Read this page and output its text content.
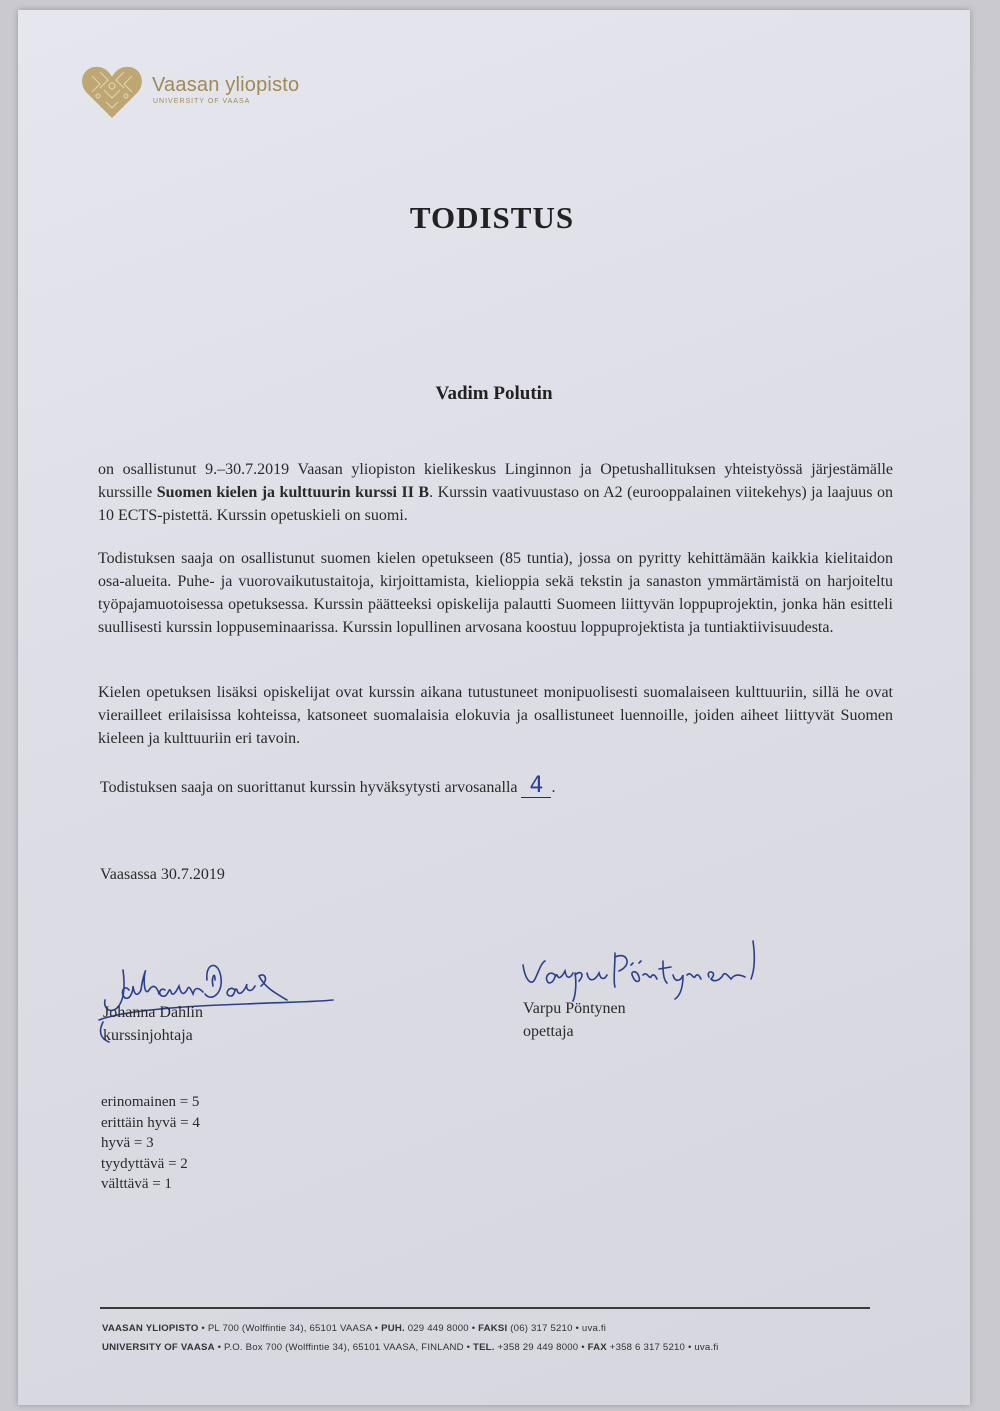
Vaasan yliopisto
UNIVERSITY OF VAASA
TODISTUS
Vadim Polutin
on osallistunut 9.–30.7.2019 Vaasan yliopiston kielikeskus Linginnon ja Opetushallituksen yhteistyössä järjestämälle kurssille Suomen kielen ja kulttuurin kurssi II B. Kurssin vaativuustaso on A2 (eurooppalainen viitekehys) ja laajuus on 10 ECTS-pistettä. Kurssin opetuskieli on suomi.
Todistuksen saaja on osallistunut suomen kielen opetukseen (85 tuntia), jossa on pyritty kehittämään kaikkia kielitaidon osa-alueita. Puhe- ja vuorovaikutustaitoja, kirjoittamista, kielioppia sekä tekstin ja sanaston ymmärtämistä on harjoiteltu työpajamuotoisessa opetuksessa. Kurssin päätteeksi opiskelija palautti Suomeen liittyvän loppuprojektin, jonka hän esitteli suullisesti kurssin loppuseminaarissa. Kurssin lopullinen arvosana koostuu loppuprojektista ja tuntiaktiivisuudesta.
Kielen opetuksen lisäksi opiskelijat ovat kurssin aikana tutustuneet monipuolisesti suomalaiseen kulttuuriin, sillä he ovat vierailleet erilaisissa kohteissa, katsoneet suomalaisia elokuvia ja osallistuneet luennoille, joiden aiheet liittyvät Suomen kieleen ja kulttuuriin eri tavoin.
Todistuksen saaja on suorittanut kurssin hyväksytysti arvosanalla 4 .
Vaasassa 30.7.2019
Johanna Dahlin
kurssinjohtaja
Varpu Pöntynen
opettaja
erinomainen = 5
erittäin hyvä = 4
hyvä = 3
tyydyttävä = 2
välttävä = 1
VAASAN YLIOPISTO • PL 700 (Wolffintie 34), 65101 VAASA • PUH. 029 449 8000 • FAKSI (06) 317 5210 • uva.fi
UNIVERSITY OF VAASA • P.O. Box 700 (Wolffintie 34), 65101 VAASA, FINLAND • TEL. +358 29 449 8000 • FAX +358 6 317 5210 • uva.fi
